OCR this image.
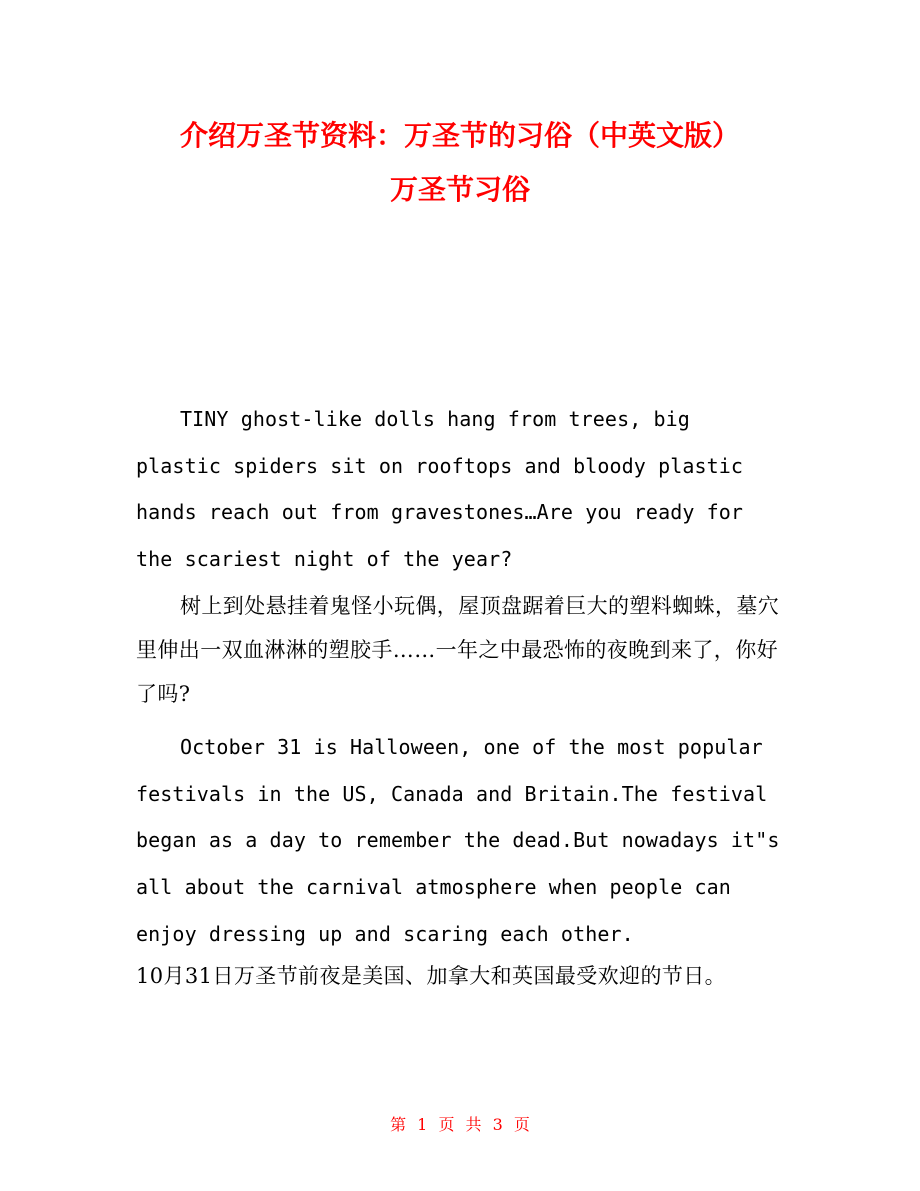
介绍万圣节资料：万圣节的习俗（中英文版）
万圣节习俗

TINY ghost-like dolls hang from trees, big plastic spiders sit on rooftops and bloody plastic hands reach out from gravestones…Are you ready for the scariest night of the year?

树上到处悬挂着鬼怪小玩偶，屋顶盘踞着巨大的塑料蜘蛛，墓穴里伸出一双血淋淋的塑胶手……一年之中最恐怖的夜晚到来了，你好了吗?

October 31 is Halloween, one of the most popular festivals in the US, Canada and Britain.The festival began as a day to remember the dead.But nowadays it"s all about the carnival atmosphere when people can enjoy dressing up and scaring each other.

10月31日万圣节前夜是美国、加拿大和英国最受欢迎的节日。

第 1 页 共 3 页
